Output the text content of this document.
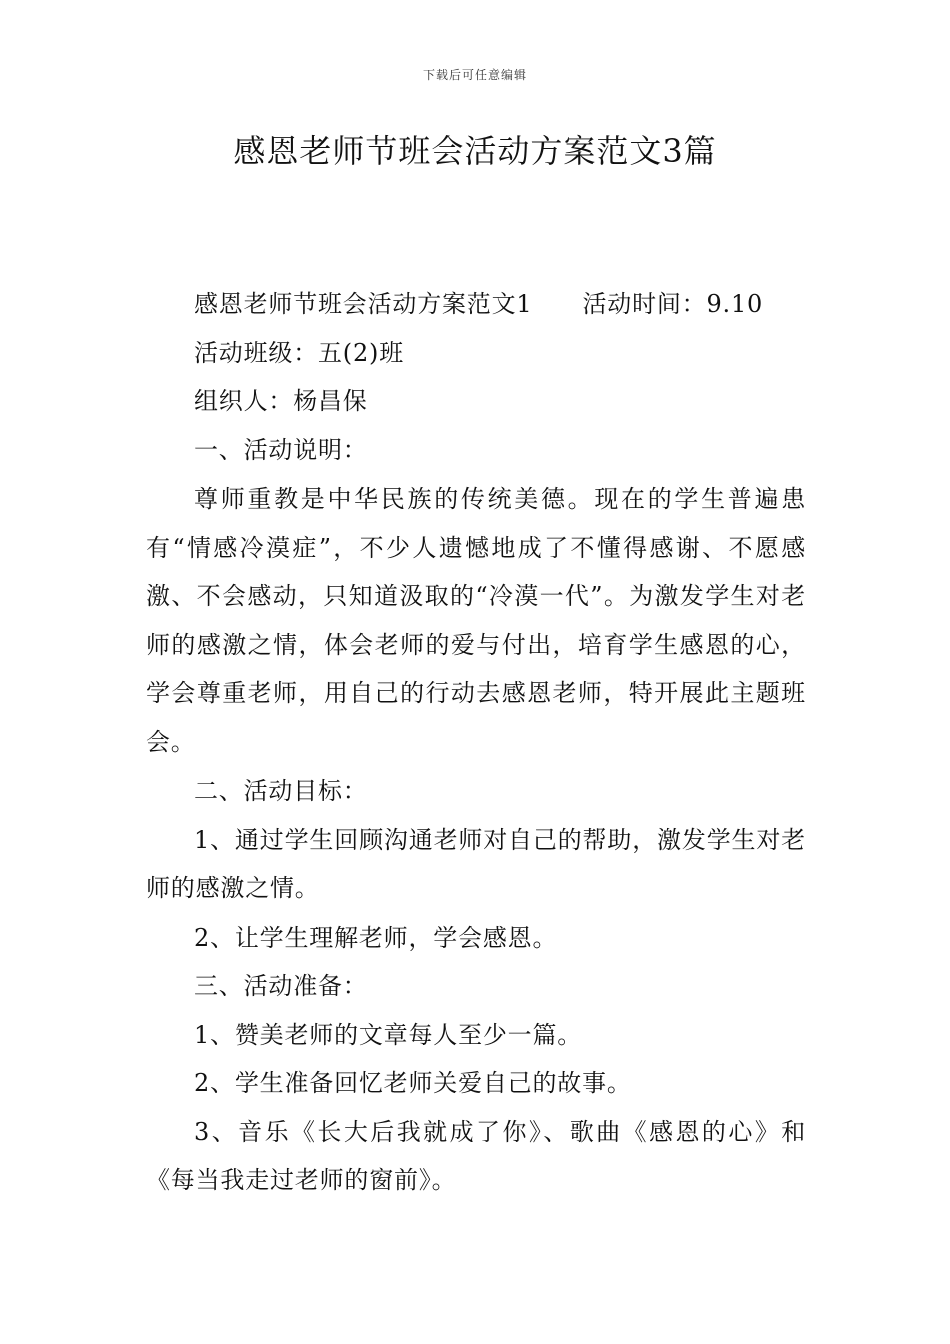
下载后可任意编辑
感恩老师节班会活动方案范文3篇

感恩老师节班会活动方案范文1 活动时间：9.10

活动班级：五(2)班

组织人：杨昌保

一、活动说明：

尊师重教是中华民族的传统美德。现在的学生普遍患有“情感冷漠症”，不少人遗憾地成了不懂得感谢、不愿感激、不会感动，只知道汲取的“冷漠一代”。为激发学生对老师的感激之情，体会老师的爱与付出，培育学生感恩的心，学会尊重老师，用自己的行动去感恩老师，特开展此主题班会。

二、活动目标：

1、通过学生回顾沟通老师对自己的帮助，激发学生对老师的感激之情。

2、让学生理解老师，学会感恩。

三、活动准备：

1、赞美老师的文章每人至少一篇。

2、学生准备回忆老师关爱自己的故事。

3、音乐《长大后我就成了你》、歌曲《感恩的心》和《每当我走过老师的窗前》。
